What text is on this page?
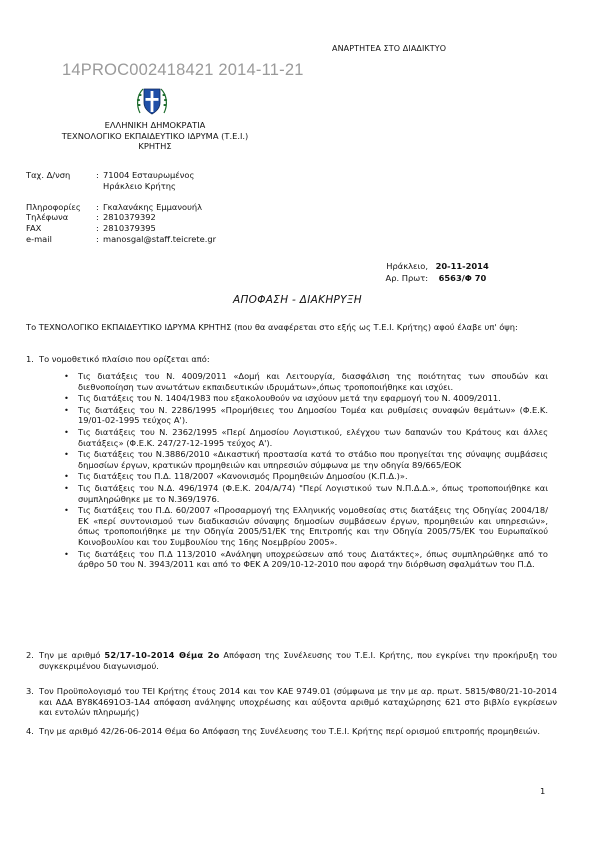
ΑΝΑΡΤΗΤΕΑ ΣΤΟ ΔΙΑΔΙΚΤΥΟ
14PROC002418421 2014-11-21
ΕΛΛΗΝΙΚΗ ΔΗΜΟΚΡΑΤΙΑ
ΤΕΧΝΟΛΟΓΙΚΟ ΕΚΠΑΙΔΕΥΤΙΚΟ ΙΔΡΥΜΑ (Τ.Ε.Ι.)
ΚΡΗΤΗΣ
Ταχ. Δ/νση	: 71004 Εσταυρωμένος
Ηράκλειο Κρήτης
Πληροφορίες	: Γκαλανάκης Εμμανουήλ
Τηλέφωνα	: 2810379392
FAX	: 2810379395
e-mail	: manosgal@staff.teicrete.gr
Ηράκλειο, 20-11-2014
Αρ. Πρωτ: 6563/Φ 70
ΑΠΟΦΑΣΗ - ΔΙΑΚΗΡΥΞΗ
Το ΤΕΧΝΟΛΟΓΙΚΟ ΕΚΠΑΙΔΕΥΤΙΚΟ ΙΔΡΥΜΑ ΚΡΗΤΗΣ (που θα αναφέρεται στο εξής ως Τ.Ε.Ι. Κρήτης) αφού έλαβε υπ' όψη:
1. Το νομοθετικό πλαίσιο που ορίζεται από:
• Τις διατάξεις του Ν. 4009/2011 «Δομή και Λειτουργία, διασφάλιση της ποιότητας των σπουδών και διεθνοποίηση των ανωτάτων εκπαιδευτικών ιδρυμάτων»,όπως τροποποιήθηκε και ισχύει.
• Τις διατάξεις του Ν. 1404/1983 που εξακολουθούν να ισχύουν μετά την εφαρμογή του Ν. 4009/2011.
• Τις διατάξεις του Ν. 2286/1995 «Προμήθειες του Δημοσίου Τομέα και ρυθμίσεις συναφών θεμάτων» (Φ.Ε.Κ. 19/01-02-1995 τεύχος Α').
• Τις διατάξεις του Ν. 2362/1995 «Περί Δημοσίου Λογιστικού, ελέγχου των δαπανών του Κράτους και άλλες διατάξεις» (Φ.Ε.Κ. 247/27-12-1995 τεύχος Α').
• Τις διατάξεις του Ν.3886/2010 «Δικαστική προστασία κατά το στάδιο που προηγείται της σύναψης συμβάσεις δημοσίων έργων, κρατικών προμηθειών και υπηρεσιών σύμφωνα με την οδηγία 89/665/ΕΟΚ
• Τις διατάξεις του Π.Δ. 118/2007 «Κανονισμός Προμηθειών Δημοσίου (Κ.Π.Δ.)».
• Τις διατάξεις του Ν.Δ. 496/1974 (Φ.Ε.Κ. 204/Α/74) "Περί Λογιστικού των Ν.Π.Δ.Δ.», όπως τροποποιήθηκε και συμπληρώθηκε με το Ν.369/1976.
• Τις διατάξεις του Π.Δ. 60/2007 «Προσαρμογή της Ελληνικής νομοθεσίας στις διατάξεις της Οδηγίας 2004/18/ΕΚ «περί συντονισμού των διαδικασιών σύναψης δημοσίων συμβάσεων έργων, προμηθειών και υπηρεσιών», όπως τροποποιήθηκε με την Οδηγία 2005/51/ΕΚ της Επιτροπής και την Οδηγία 2005/75/ΕΚ του Ευρωπαϊκού Κοινοβουλίου και του Συμβουλίου της 16ης Νοεμβρίου 2005».
• Τις διατάξεις του Π.Δ 113/2010 «Ανάληψη υποχρεώσεων από τους Διατάκτες», όπως συμπληρώθηκε από το άρθρο 50 του Ν. 3943/2011 και από το ΦΕΚ Α 209/10-12-2010 που αφορά την διόρθωση σφαλμάτων του Π.Δ.
2. Την με αριθμό 52/17-10-2014 Θέμα 2ο Απόφαση της Συνέλευσης του Τ.Ε.Ι. Κρήτης, που εγκρίνει την προκήρυξη του συγκεκριμένου διαγωνισμού.
3. Τον Προϋπολογισμό του ΤΕΙ Κρήτης έτους 2014 και τον ΚΑΕ 9749.01 (σύμφωνα με την με αρ. πρωτ. 5815/Φ80/21-10-2014 και ΑΔΑ ΒΥ8Κ4691Ο3-1Α4 απόφαση ανάληψης υποχρέωσης και αύξοντα αριθμό καταχώρησης 621 στο βιβλίο εγκρίσεων και εντολών πληρωμής)
4. Την με αριθμό 42/26-06-2014 Θέμα 6ο Απόφαση της Συνέλευσης του Τ.Ε.Ι. Κρήτης περί ορισμού επιτροπής προμηθειών.
1
